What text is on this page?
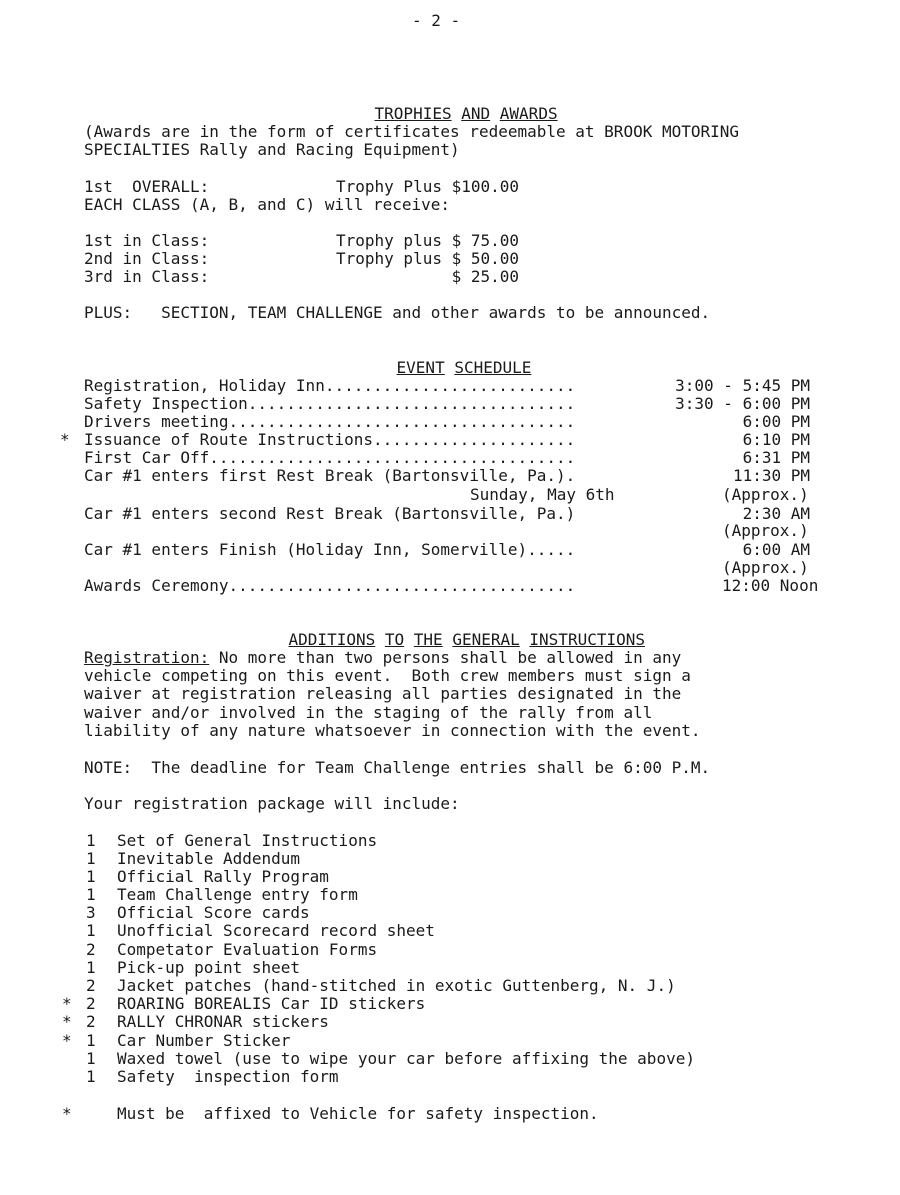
- 2 -

TROPHIES AND AWARDS

(Awards are in the form of certificates redeemable at BROOK MOTORING
SPECIALTIES Rally and Racing Equipment)
1st  OVERALL:	Trophy Plus $100.00
EACH CLASS (A, B, and C) will receive:
1st in Class:	Trophy plus $ 75.00
2nd in Class:	Trophy plus $ 50.00
3rd in Class:	$ 25.00
PLUS:   SECTION, TEAM CHALLENGE and other awards to be announced.

EVENT SCHEDULE

Registration, Holiday Inn..........................	3:00 - 5:45 PM
Safety Inspection..................................	3:30 - 6:00 PM
Drivers meeting....................................	6:00 PM
* Issuance of Route Instructions.....................	6:10 PM
First Car Off......................................	6:31 PM
Car #1 enters first Rest Break (Bartonsville, Pa.).	11:30 PM
Sunday, May 6th	(Approx.)
Car #1 enters second Rest Break (Bartonsville, Pa.)	2:30 AM
(Approx.)
Car #1 enters Finish (Holiday Inn, Somerville).....	6:00 AM
(Approx.)
Awards Ceremony....................................	12:00 Noon

ADDITIONS TO THE GENERAL INSTRUCTIONS

Registration: No more than two persons shall be allowed in any
vehicle competing on this event.  Both crew members must sign a
waiver at registration releasing all parties designated in the
waiver and/or involved in the staging of the rally from all
liability of any nature whatsoever in connection with the event.
NOTE:  The deadline for Team Challenge entries shall be 6:00 P.M.
Your registration package will include:
1 Set of General Instructions
1 Inevitable Addendum
1 Official Rally Program
1 Team Challenge entry form
3 Official Score cards
1 Unofficial Scorecard record sheet
2 Competator Evaluation Forms
1 Pick-up point sheet
2 Jacket patches (hand-stitched in exotic Guttenberg, N. J.)
* 2 ROARING BOREALIS Car ID stickers
* 2 RALLY CHRONAR stickers
* 1 Car Number Sticker
1 Waxed towel (use to wipe your car before affixing the above)
1 Safety  inspection form
*	Must be  affixed to Vehicle for safety inspection.
